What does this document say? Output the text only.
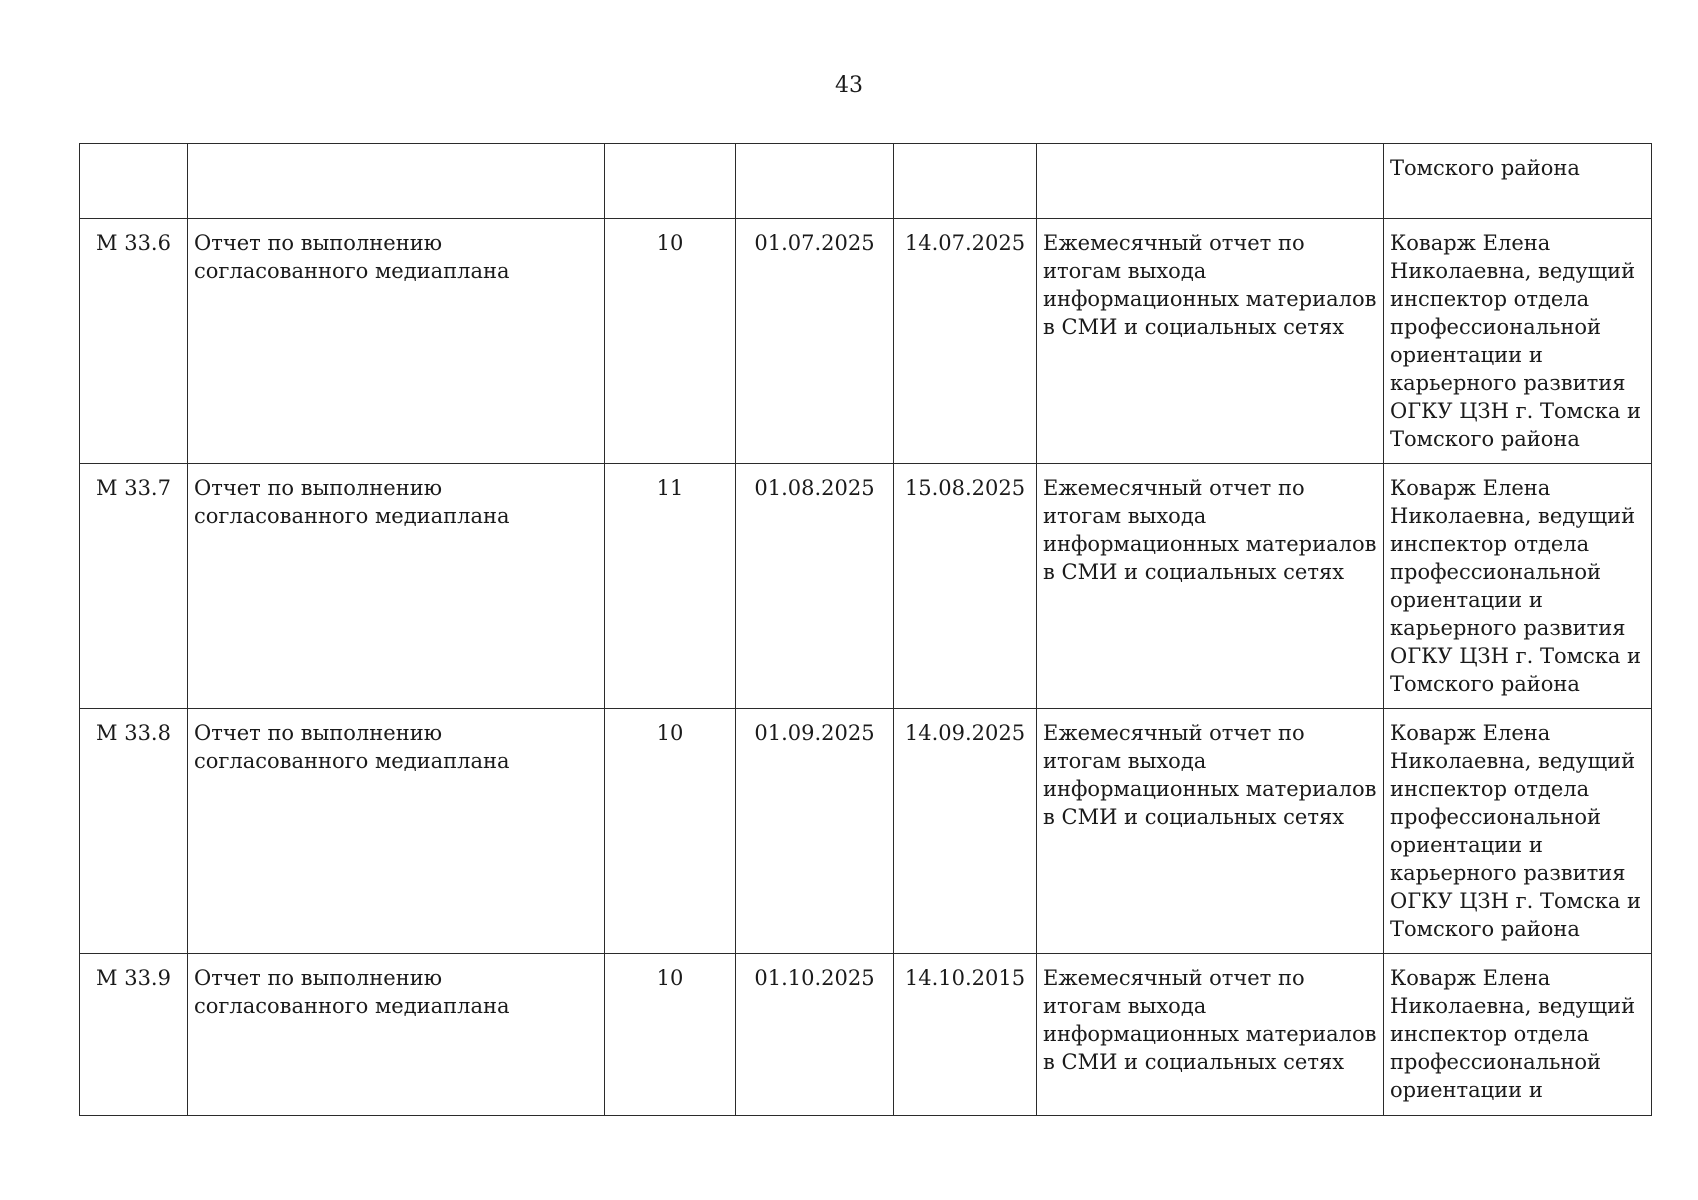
43
						Томского района
М 33.6	Отчет по выполнению согласованного медиаплана	10	01.07.2025	14.07.2025	Ежемесячный отчет по итогам выхода информационных материалов в СМИ и социальных сетях	Коварж Елена Николаевна, ведущий инспектор отдела профессиональной ориентации и карьерного развития ОГКУ ЦЗН г. Томска и Томского района
М 33.7	Отчет по выполнению согласованного медиаплана	11	01.08.2025	15.08.2025	Ежемесячный отчет по итогам выхода информационных материалов в СМИ и социальных сетях	Коварж Елена Николаевна, ведущий инспектор отдела профессиональной ориентации и карьерного развития ОГКУ ЦЗН г. Томска и Томского района
М 33.8	Отчет по выполнению согласованного медиаплана	10	01.09.2025	14.09.2025	Ежемесячный отчет по итогам выхода информационных материалов в СМИ и социальных сетях	Коварж Елена Николаевна, ведущий инспектор отдела профессиональной ориентации и карьерного развития ОГКУ ЦЗН г. Томска и Томского района
М 33.9	Отчет по выполнению согласованного медиаплана	10	01.10.2025	14.10.2015	Ежемесячный отчет по итогам выхода информационных материалов в СМИ и социальных сетях	Коварж Елена Николаевна, ведущий инспектор отдела профессиональной ориентации и
